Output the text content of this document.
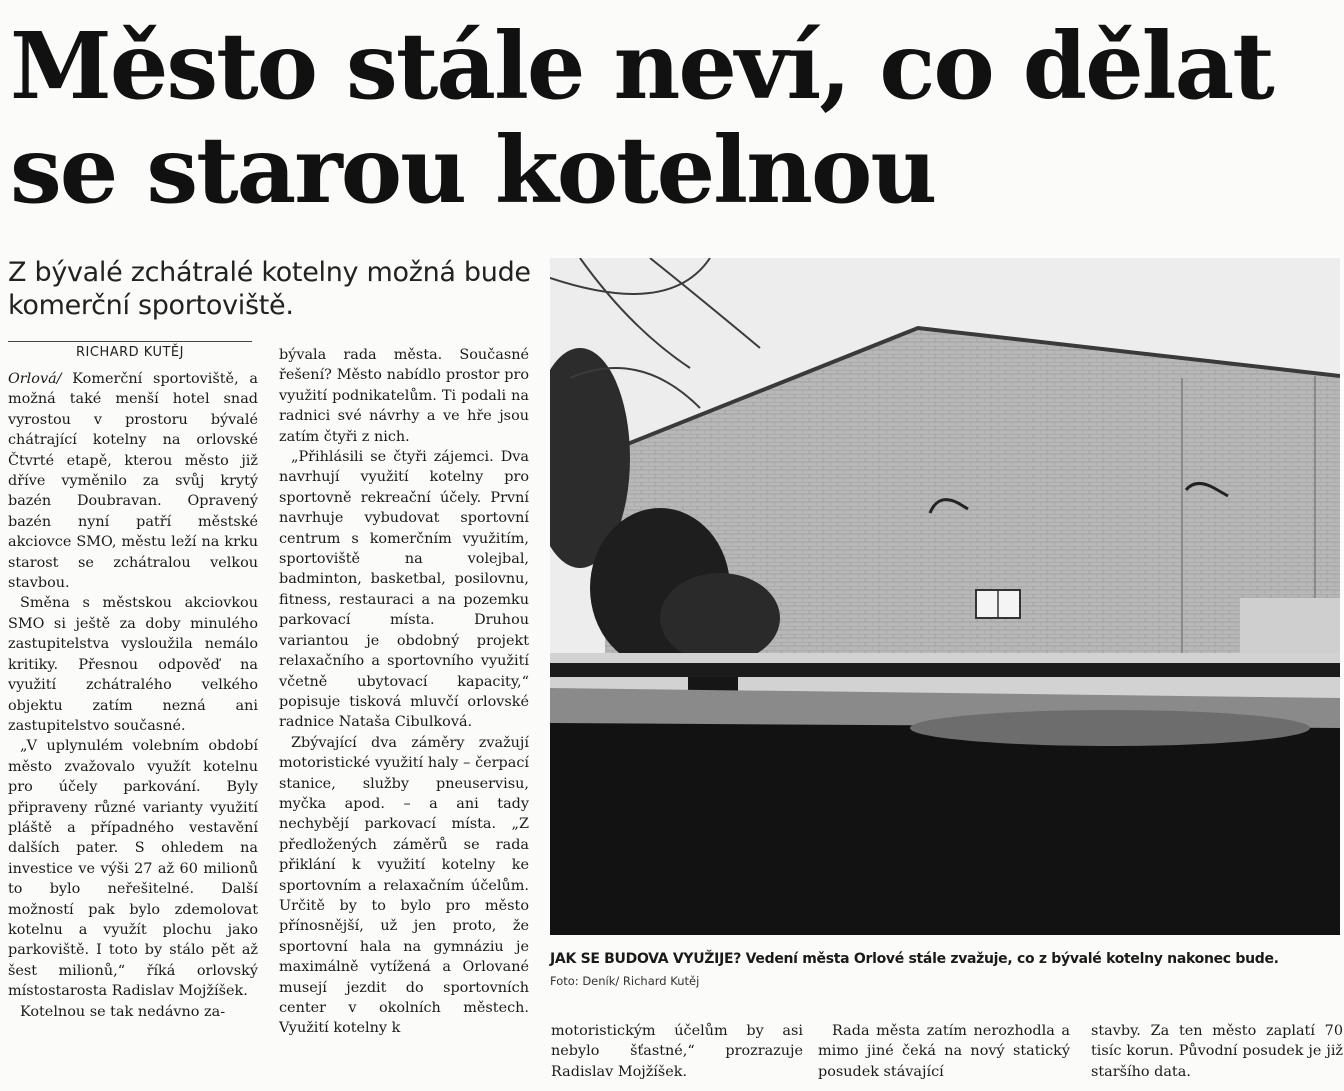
Město stále neví, co dělat se starou kotelnou
Z bývalé zchátralé kotelny možná bude komerční sportoviště.
RICHARD KUTĚJ

Orlová/ Komerční sportoviště, a možná také menší hotel snad vyrostou v prostoru bývalé chátrající kotelny na orlovské Čtvrté etapě, kterou město již dříve vyměnilo za svůj krytý bazén Doubravan. Opravený bazén nyní patří městské akciovce SMO, městu leží na krku starost se zchátralou velkou stavbou.

Směna s městskou akciovkou SMO si ještě za doby minulého zastupitelstva vysloužila nemálo kritiky. Přesnou odpověď na využití zchátralého velkého objektu zatím nezná ani zastupitelstvo současné.

„V uplynulém volebním období město zvažovalo využít kotelnu pro účely parkování. Byly připraveny různé varianty využití pláště a případného vestavění dalších pater. S ohledem na investice ve výši 27 až 60 milionů to bylo neřešitelné. Další možností pak bylo zdemolovat kotelnu a využít plochu jako parkoviště. I toto by stálo pět až šest milionů,“ říká orlovský místostarosta Radislav Mojžíšek.

Kotelnou se tak nedávno za-

bývala rada města. Současné řešení? Město nabídlo prostor pro využití podnikatelům. Ti podali na radnici své návrhy a ve hře jsou zatím čtyři z nich.

„Přihlásili se čtyři zájemci. Dva navrhují využití kotelny pro sportovně rekreační účely. První navrhuje vybudovat sportovní centrum s komerčním využitím, sportoviště na volejbal, badminton, basketbal, posilovnu, fitness, restauraci a na pozemku parkovací místa. Druhou variantou je obdobný projekt relaxačního a sportovního využití včetně ubytovací kapacity,“ popisuje tisková mluvčí orlovské radnice Nataša Cibulková.

Zbývající dva záměry zvažují motoristické využití haly – čerpací stanice, služby pneuservisu, myčka apod. – a ani tady nechybějí parkovací místa. „Z předložených záměrů se rada přiklání k využití kotelny ke sportovním a relaxačním účelům. Určitě by to bylo pro město přínosnější, už jen proto, že sportovní hala na gymnáziu je maximálně vytížená a Orlované musejí jezdit do sportovních center v okolních městech. Využití kotelny k

JAK SE BUDOVA VYUŽIJE? Vedení města Orlové stále zvažuje, co z bývalé kotelny nakonec bude.
Foto: Deník/ Richard Kutěj
motoristickým účelům by asi nebylo šťastné,“ prozrazuje Radislav Mojžíšek.
Rada města zatím nerozhodla a mimo jiné čeká na nový statický posudek stávající
stavby. Za ten město zaplatí 70 tisíc korun. Původní posudek je již staršího data.
